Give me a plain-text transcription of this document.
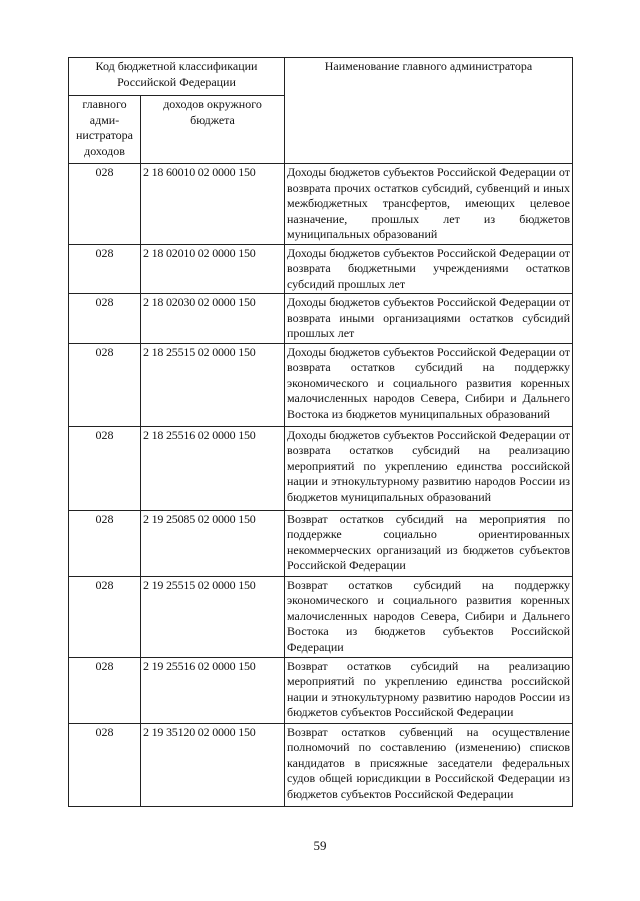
Код бюджетной классификации Российской Федерации		Наименование главного администратора
главного адми-нистратора доходов	доходов окружного бюджета	
028	2 18 60010 02 0000 150	Доходы бюджетов субъектов Российской Федерации от возврата прочих остатков субсидий, субвенций и иных межбюджетных трансфертов, имеющих целевое назначение, прошлых лет из бюджетов муниципальных образований
028	2 18 02010 02 0000 150	Доходы бюджетов субъектов Российской Федерации от возврата бюджетными учреждениями остатков субсидий прошлых лет
028	2 18 02030 02 0000 150	Доходы бюджетов субъектов Российской Федерации от возврата иными организациями остатков субсидий прошлых лет
028	2 18 25515 02 0000 150	Доходы бюджетов субъектов Российской Федерации от возврата остатков субсидий на поддержку экономического и социального развития коренных малочисленных народов Севера, Сибири и Дальнего Востока из бюджетов муниципальных образований
028	2 18 25516 02 0000 150	Доходы бюджетов субъектов Российской Федерации от возврата остатков субсидий на реализацию мероприятий по укреплению единства российской нации и этнокультурному развитию народов России из бюджетов муниципальных образований
028	2 19 25085 02 0000 150	Возврат остатков субсидий на мероприятия по поддержке социально ориентированных некоммерческих организаций из бюджетов субъектов Российской Федерации
028	2 19 25515 02 0000 150	Возврат остатков субсидий на поддержку экономического и социального развития коренных малочисленных народов Севера, Сибири и Дальнего Востока из бюджетов субъектов Российской Федерации
028	2 19 25516 02 0000 150	Возврат остатков субсидий на реализацию мероприятий по укреплению единства российской нации и этнокультурному развитию народов России из бюджетов субъектов Российской Федерации
028	2 19 35120 02 0000 150	Возврат остатков субвенций на осуществление полномочий по составлению (изменению) списков кандидатов в присяжные заседатели федеральных судов общей юрисдикции в Российской Федерации из бюджетов субъектов Российской Федерации
59
